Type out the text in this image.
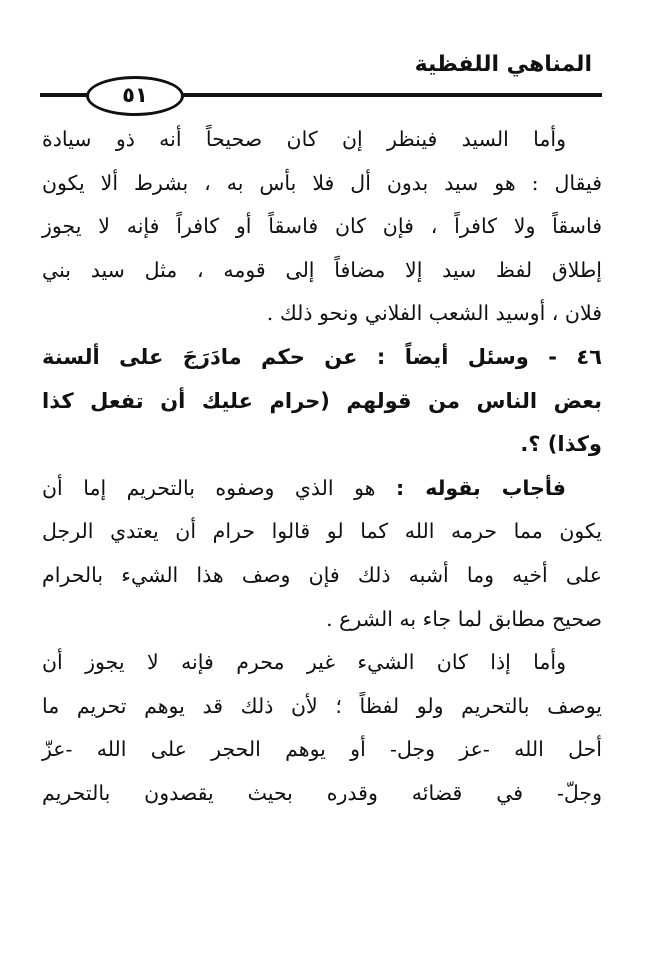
المناهي اللفظية
٥١
وأما السيد فينظر إن كان صحيحاً أنه ذو سيادة
فيقال : هو سيد بدون أل فلا بأس به ، بشرط ألا يكون
فاسقاً ولا كافراً ، فإن كان فاسقاً أو كافراً فإنه لا يجوز
إطلاق لفظ سيد إلا مضافاً إلى قومه ، مثل سيد بني
فلان ، أوسيد الشعب الفلاني ونحو ذلك .
٤٦ - وسئل أيضاً : عن حكم مادَرَجَ على ألسنة
بعض الناس من قولهم (حرام عليك أن تفعل كذا
وكذا) ؟.
فأجاب بقوله : هو الذي وصفوه بالتحريم إما أن
يكون مما حرمه الله كما لو قالوا حرام أن يعتدي الرجل
على أخيه وما أشبه ذلك فإن وصف هذا الشيء بالحرام
صحيح مطابق لما جاء به الشرع .
وأما إذا كان الشيء غير محرم فإنه لا يجوز أن
يوصف بالتحريم ولو لفظاً ؛ لأن ذلك قد يوهم تحريم ما
أحل الله -عز وجل- أو يوهم الحجر على الله -عزّ
وجلّ- في قضائه وقدره بحيث يقصدون بالتحريم
